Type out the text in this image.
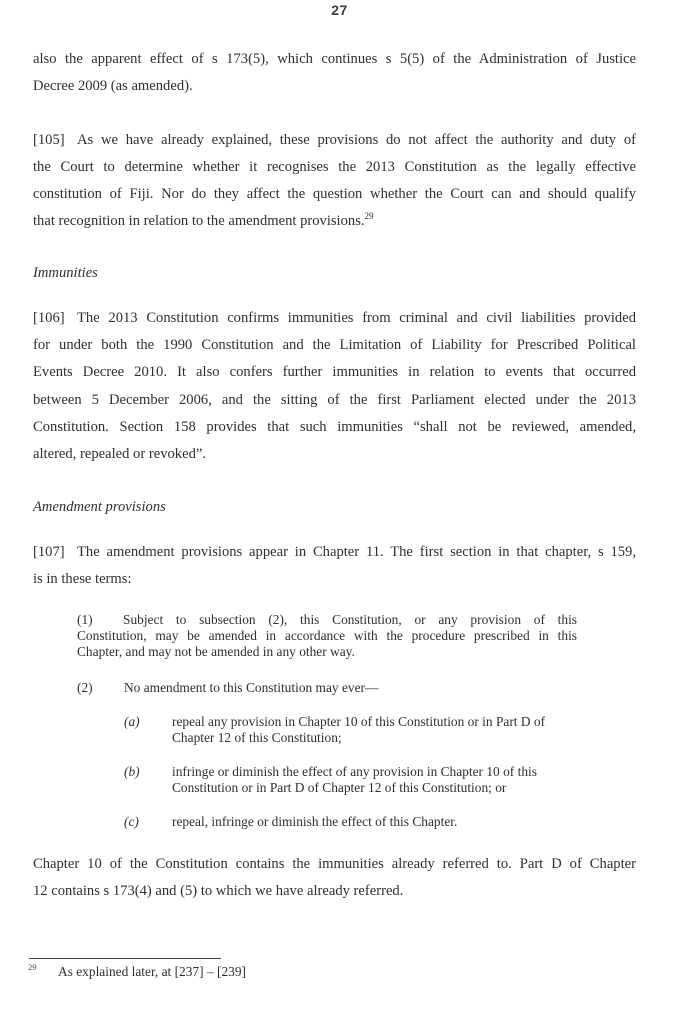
27
also the apparent effect of s 173(5), which continues s 5(5) of the Administration of Justice
Decree 2009 (as amended).
[105] As we have already explained, these provisions do not affect the authority and duty of
the Court to determine whether it recognises the 2013 Constitution as the legally effective
constitution of Fiji. Nor do they affect the question whether the Court can and should qualify
that recognition in relation to the amendment provisions.$^{29}$
Immunities
[106] The 2013 Constitution confirms immunities from criminal and civil liabilities provided
for under both the 1990 Constitution and the Limitation of Liability for Prescribed Political
Events Decree 2010. It also confers further immunities in relation to events that occurred
between 5 December 2006, and the sitting of the first Parliament elected under the 2013
Constitution. Section 158 provides that such immunities “shall not be reviewed, amended,
altered, repealed or revoked”.
Amendment provisions
[107] The amendment provisions appear in Chapter 11. The first section in that chapter, s 159,
is in these terms:
(1) Subject to subsection (2), this Constitution, or any provision of this
Constitution, may be amended in accordance with the procedure prescribed in this
Chapter, and may not be amended in any other way.
(2) No amendment to this Constitution may ever—
(a) repeal any provision in Chapter 10 of this Constitution or in Part D of
Chapter 12 of this Constitution;
(b) infringe or diminish the effect of any provision in Chapter 10 of this
Constitution or in Part D of Chapter 12 of this Constitution; or
(c) repeal, infringe or diminish the effect of this Chapter.
Chapter 10 of the Constitution contains the immunities already referred to. Part D of Chapter
12 contains s 173(4) and (5) to which we have already referred.
29 As explained later, at [237] – [239]
